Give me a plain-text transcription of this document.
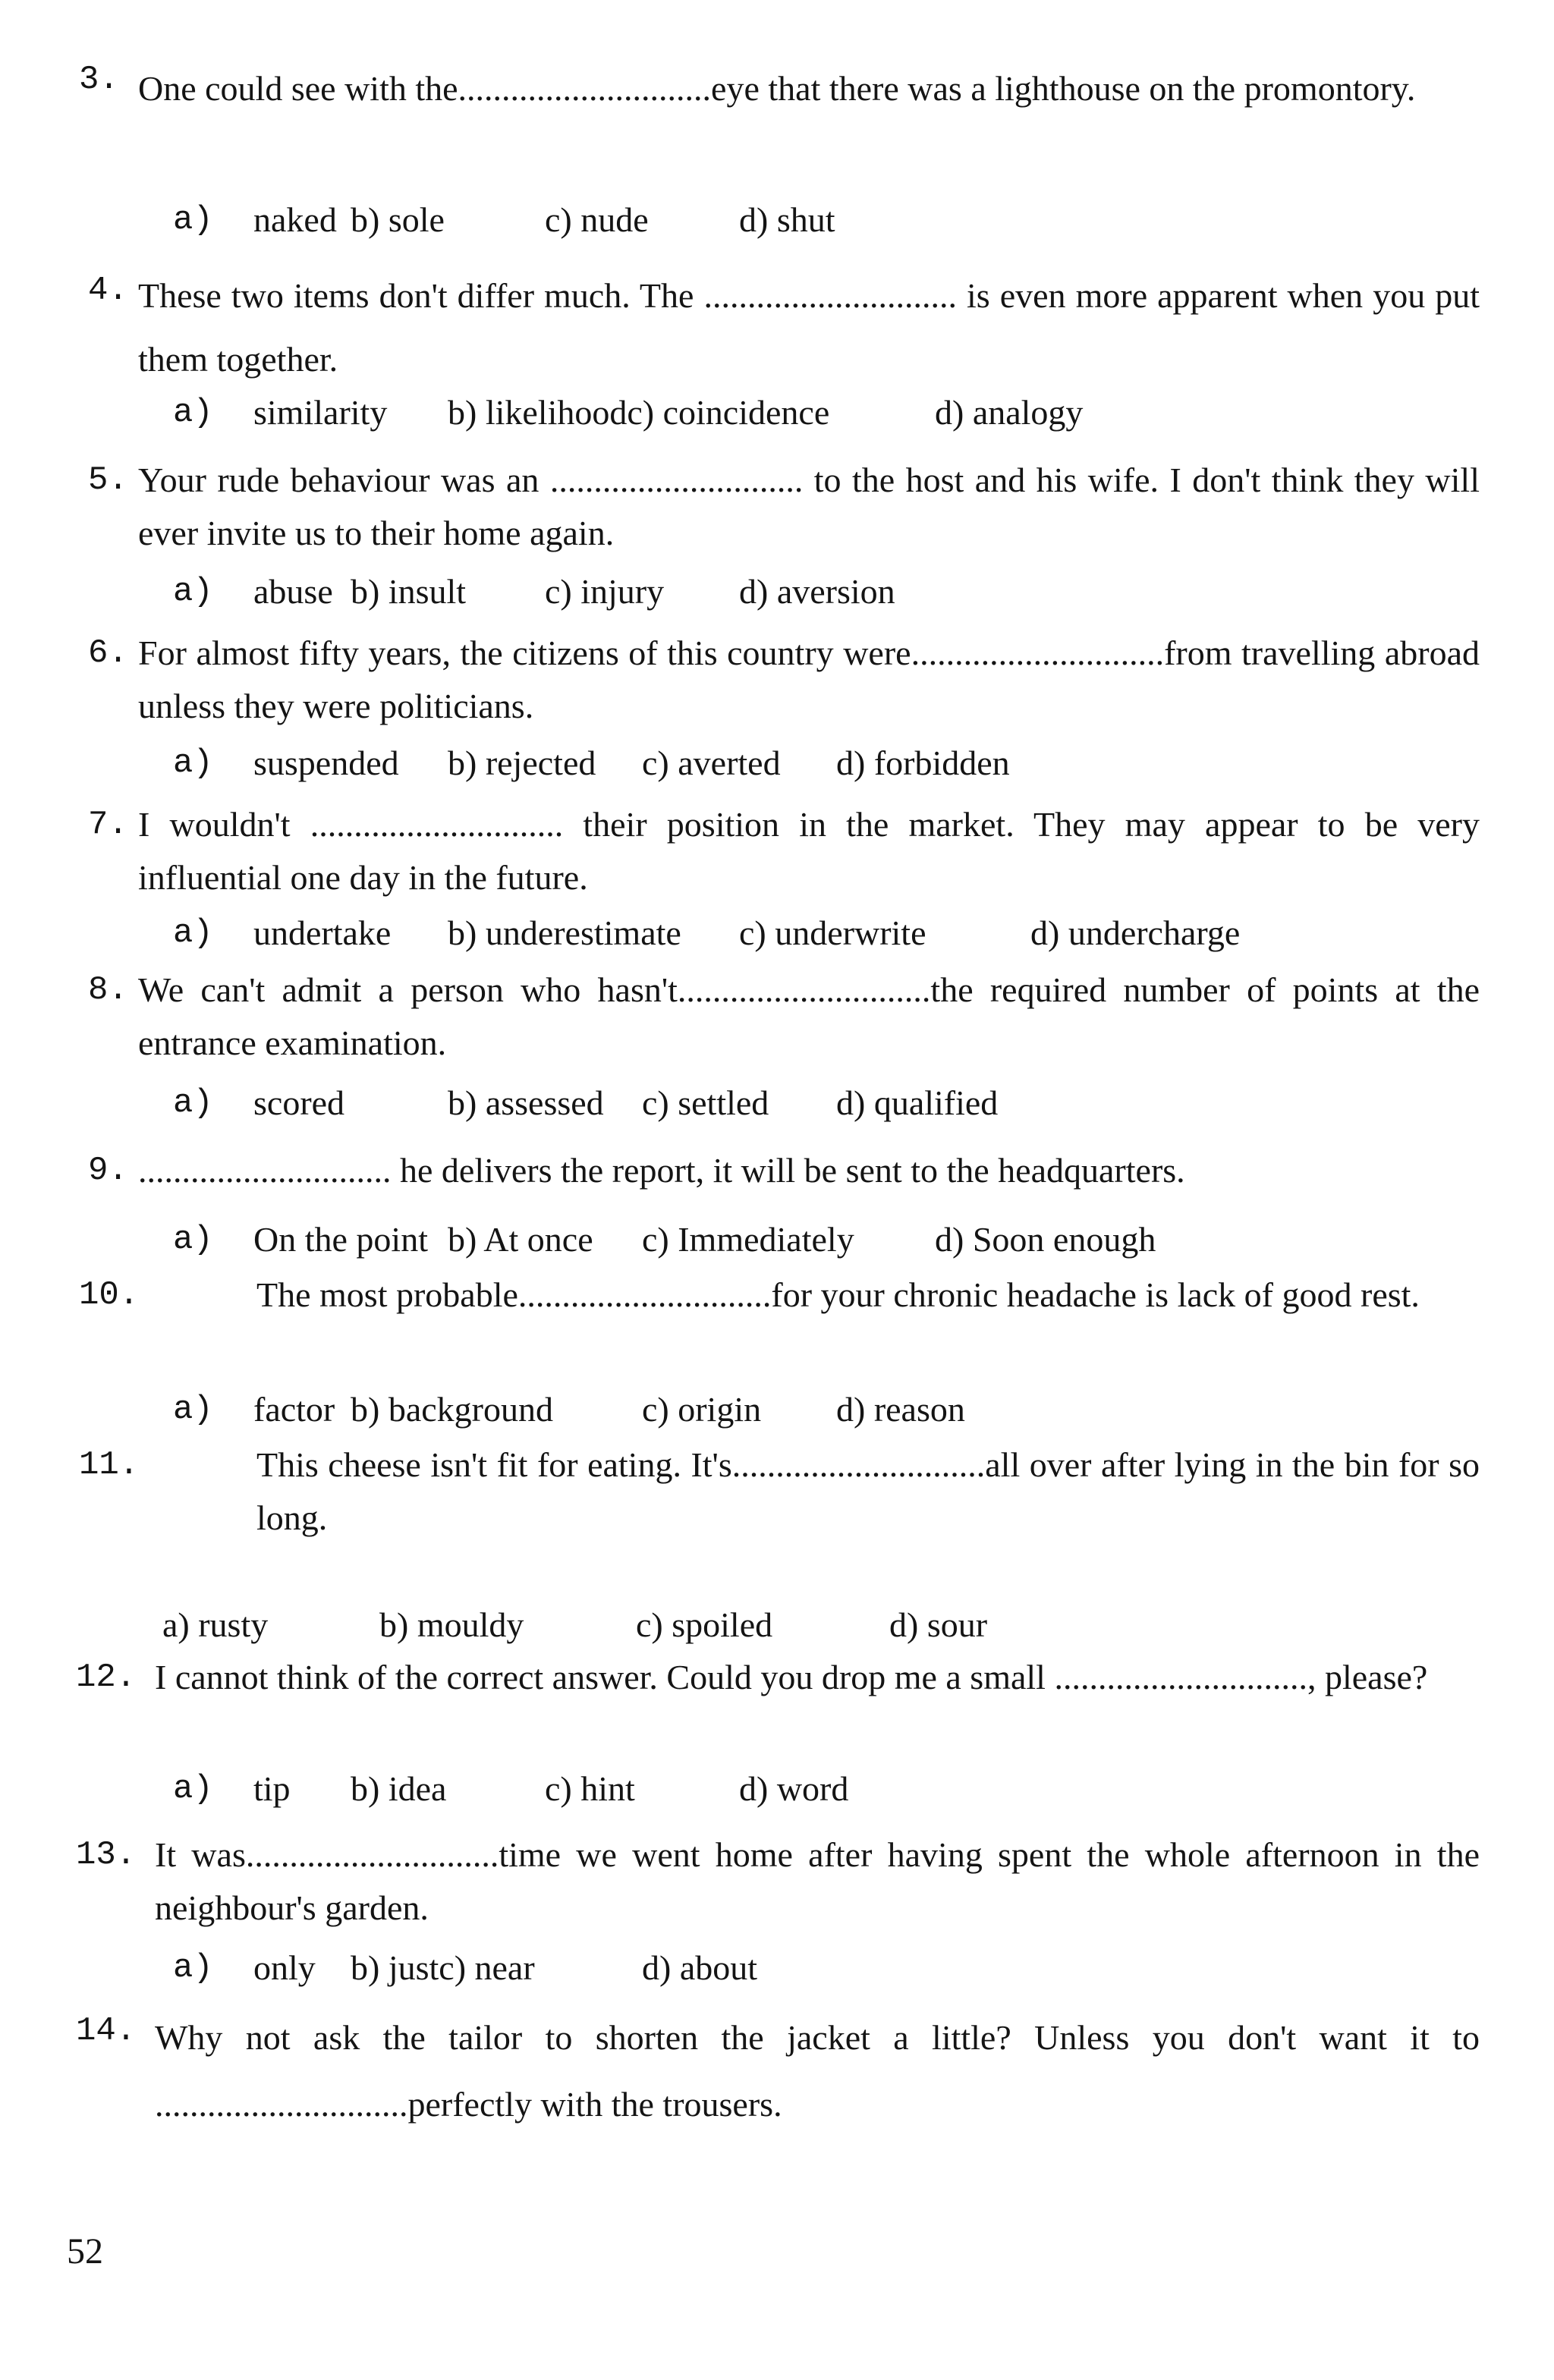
3. One could see with the.............................eye that there was a lighthouse on the promontory.
a) naked b) sole	c) nude	d) shut
4. These two items don't differ much. The ............................. is even more apparent when you put them together.
a) similarity b) likelihoodc) coincidence	d) analogy
5. Your rude behaviour was an ............................. to the host and his wife. I don't think they will ever invite us to their home again.
a) abuse b) insult c) injury d) aversion
6. For almost fifty years, the citizens of this country were.............................from travelling abroad unless they were politicians.
a) suspended b) rejected c) averted d) forbidden
7. I wouldn't ............................. their position in the market. They may appear to be very influential one day in the future.
a) undertake b) underestimate c) underwrite	d) undercharge
8. We can't admit a person who hasn't.............................the required number of points at the entrance examination.
a) scored	b) assessed c) settled d) qualified
9. ............................. he delivers the report, it will be sent to the headquarters.
a) On the point b) At once c) Immediately d) Soon enough
10.	The most probable.............................for your chronic headache is lack of good rest.
a) factor b) background	c) origin d) reason
11.	This cheese isn't fit for eating. It's.............................all over after lying in the bin for so long.
a) rusty	b) mouldy	c) spoiled	d) sour
12. I cannot think of the correct answer. Could you drop me a small ............................., please?
a) tip b) idea	c) hint	d) word
13. It was.............................time we went home after having spent the whole afternoon in the neighbour's garden.
a) only b) justc) near	d) about
14. Why not ask the tailor to shorten the jacket a little? Unless you don't want it to .............................perfectly with the trousers.
52
